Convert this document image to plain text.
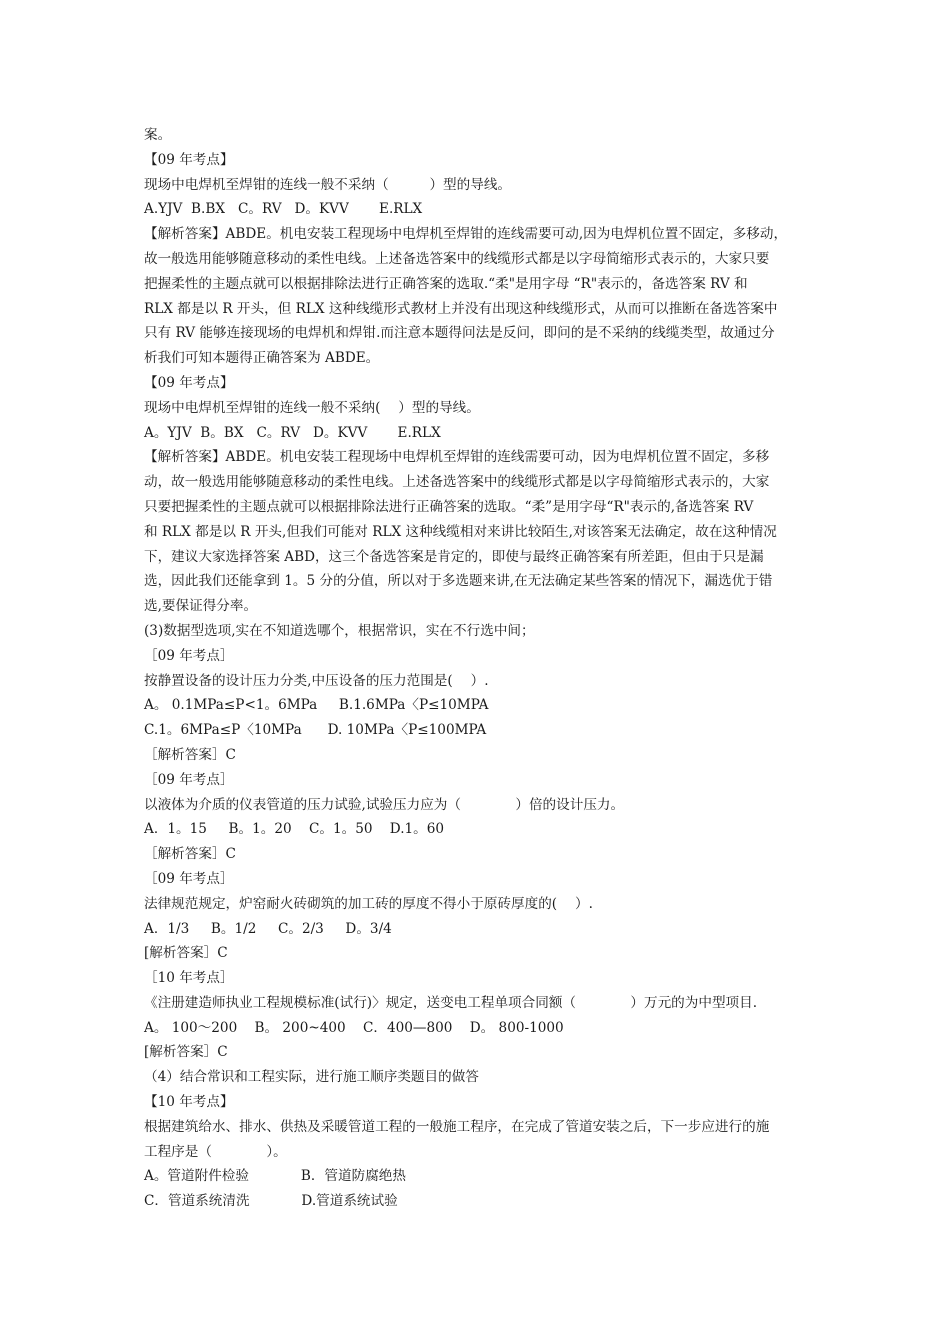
案。
【09 年考点】
现场中电焊机至焊钳的连线一般不采纳（　　　）型的导线。
A.YJV  B.BX   C。RV   D。KVV       E.RLX
【解析答案】ABDE。机电安装工程现场中电焊机至焊钳的连线需要可动,因为电焊机位置不固定，多移动，
故一般选用能够随意移动的柔性电线。上述备选答案中的线缆形式都是以字母简缩形式表示的，大家只要
把握柔性的主题点就可以根据排除法进行正确答案的选取.“柔"是用字母 “R"表示的，备选答案 RV 和
RLX 都是以 R 开头，但 RLX 这种线缆形式教材上并没有出现这种线缆形式，从而可以推断在备选答案中
只有 RV 能够连接现场的电焊机和焊钳.而注意本题得问法是反问，即问的是不采纳的线缆类型，故通过分
析我们可知本题得正确答案为 ABDE。
【09 年考点】
现场中电焊机至焊钳的连线一般不采纳(　 ）型的导线。
A。YJV  B。BX   C。RV   D。KVV       E.RLX
【解析答案】ABDE。机电安装工程现场中电焊机至焊钳的连线需要可动，因为电焊机位置不固定，多移
动，故一般选用能够随意移动的柔性电线。上述备选答案中的线缆形式都是以字母简缩形式表示的，大家
只要把握柔性的主题点就可以根据排除法进行正确答案的选取。“柔”是用字母“R"表示的,备选答案 RV
和 RLX 都是以 R 开头,但我们可能对 RLX 这种线缆相对来讲比较陌生,对该答案无法确定，故在这种情况
下，建议大家选择答案 ABD，这三个备选答案是肯定的，即使与最终正确答案有所差距，但由于只是漏
选，因此我们还能拿到 1。5 分的分值，所以对于多选题来讲,在无法确定某些答案的情况下，漏选优于错
选,要保证得分率。
(3)数据型选项,实在不知道选哪个，根据常识，实在不行选中间；
［09 年考点］
按静置设备的设计压力分类,中压设备的压力范围是(　 ）.
A。 0.1MPa≤P<1。6MPa     B.1.6MPa〈P≤10MPA
C.1。6MPa≤P〈10MPa      D. 10MPa〈P≤100MPA
［解析答案］C
［09 年考点］
以液体为介质的仪表管道的压力试验,试验压力应为（　　　　）倍的设计压力。
A．1。15     B。1。20    C。1。50    D.1。60
［解析答案］C
［09 年考点］
法律规范规定，炉窑耐火砖砌筑的加工砖的厚度不得小于原砖厚度的(　 ）.
A．1/3     B。1/2     C。2/3     D。3/4
[解析答案］C
［10 年考点］
《注册建造师执业工程规模标准(试行)〉规定，送变电工程单项合同额（　　　　）万元的为中型项目.
A。 100～200    B。 200~400    C．400—800    D。 800-1000
[解析答案］C
（4）结合常识和工程实际，进行施工顺序类题目的做答
【10 年考点】
根据建筑给水、排水、供热及采暖管道工程的一般施工程序，在完成了管道安装之后，下一步应进行的施
工程序是（　　　　）。
A。管道附件检验            B．管道防腐绝热
C．管道系统清洗            D.管道系统试验
